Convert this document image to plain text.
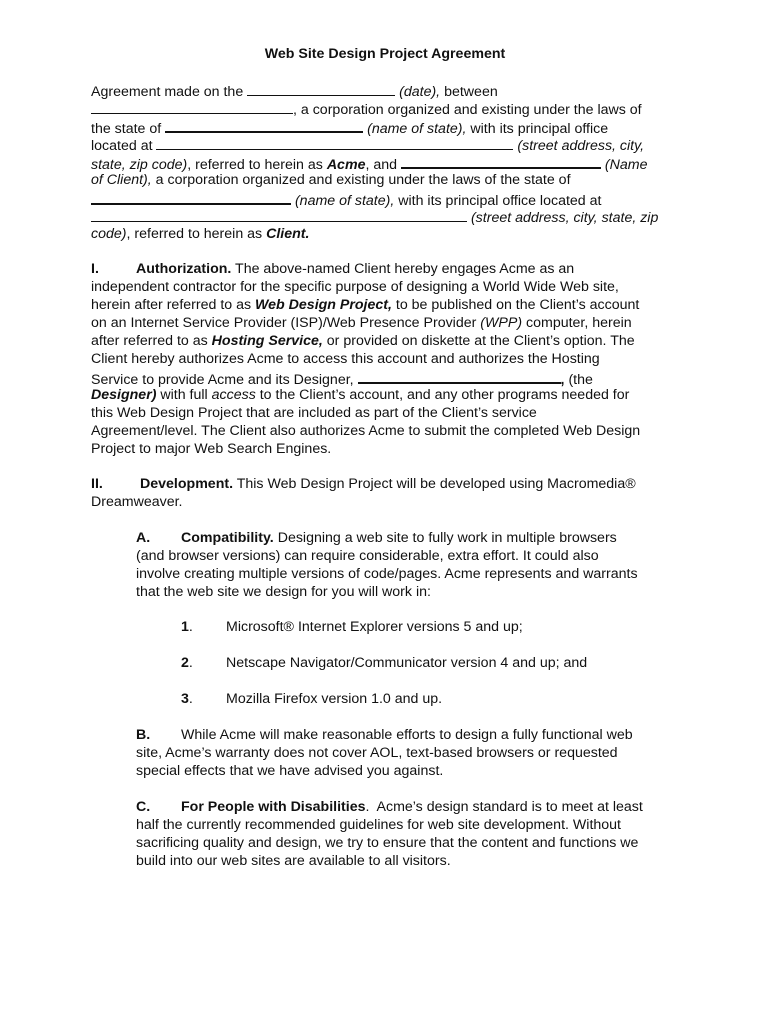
Web Site Design Project Agreement
Agreement made on the	(date), between
, a corporation organized and existing under the laws of
the state of	(name of state), with its principal office
located at	(street address, city,
state, zip code), referred to herein as Acme, and	(Name
of Client), a corporation organized and existing under the laws of the state of
(name of state), with its principal office located at
(street address, city, state, zip
code), referred to herein as Client.
I.	Authorization. The above-named Client hereby engages Acme as an
independent contractor for the specific purpose of designing a World Wide Web site,
herein after referred to as Web Design Project, to be published on the Client’s account
on an Internet Service Provider (ISP)/Web Presence Provider (WPP) computer, herein
after referred to as Hosting Service, or provided on diskette at the Client’s option. The
Client hereby authorizes Acme to access this account and authorizes the Hosting
Service to provide Acme and its Designer,	, (the
Designer) with full access to the Client’s account, and any other programs needed for
this Web Design Project that are included as part of the Client’s service
Agreement/level. The Client also authorizes Acme to submit the completed Web Design
Project to major Web Search Engines.
II.	Development. This Web Design Project will be developed using Macromedia®
Dreamweaver.
A. Compatibility. Designing a web site to fully work in multiple browsers
(and browser versions) can require considerable, extra effort. It could also
involve creating multiple versions of code/pages. Acme represents and warrants
that the web site we design for you will work in:
1. Microsoft® Internet Explorer versions 5 and up;
2. Netscape Navigator/Communicator version 4 and up; and
3. Mozilla Firefox version 1.0 and up.
B. While Acme will make reasonable efforts to design a fully functional web
site, Acme’s warranty does not cover AOL, text-based browsers or requested
special effects that we have advised you against.
C. For People with Disabilities.  Acme’s design standard is to meet at least
half the currently recommended guidelines for web site development. Without
sacrificing quality and design, we try to ensure that the content and functions we
build into our web sites are available to all visitors.
